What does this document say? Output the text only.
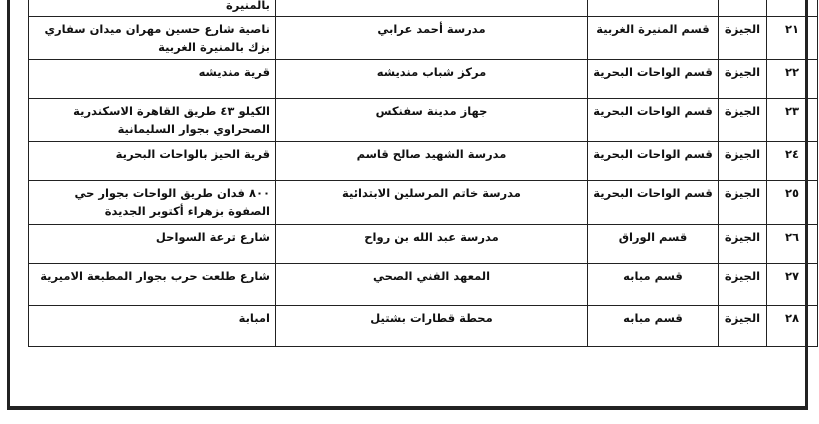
				بالمنيرة
٢١	الجيزة	قسم المنيرة الغربية	مدرسة أحمد عرابي	ناصية شارع حسين مهران ميدان سفاري بزك بالمنيرة الغربية
٢٢	الجيزة	قسم الواحات البحرية	مركز شباب منديشه	قرية منديشه
٢٣	الجيزة	قسم الواحات البحرية	جهاز مدينة سفنكس	الكيلو ٤٣ طريق القاهرة الاسكندرية الصحراوي بجوار السليمانية
٢٤	الجيزة	قسم الواحات البحرية	مدرسة الشهيد صالح قاسم	قرية الحيز بالواحات البحرية
٢٥	الجيزة	قسم الواحات البحرية	مدرسة خاتم المرسلين الابتدائية	٨٠٠ فدان طريق الواحات بجوار حي الصفوة بزهراء أكتوبر الجديدة
٢٦	الجيزة	قسم الوراق	مدرسة عبد الله بن رواح	شارع ترعة السواحل
٢٧	الجيزة	قسم مبابه	المعهد الفني الصحي	شارع طلعت حرب بجوار المطبعة الاميرية
٢٨	الجيزة	قسم مبابه	محطة قطارات بشتيل	امبابة
